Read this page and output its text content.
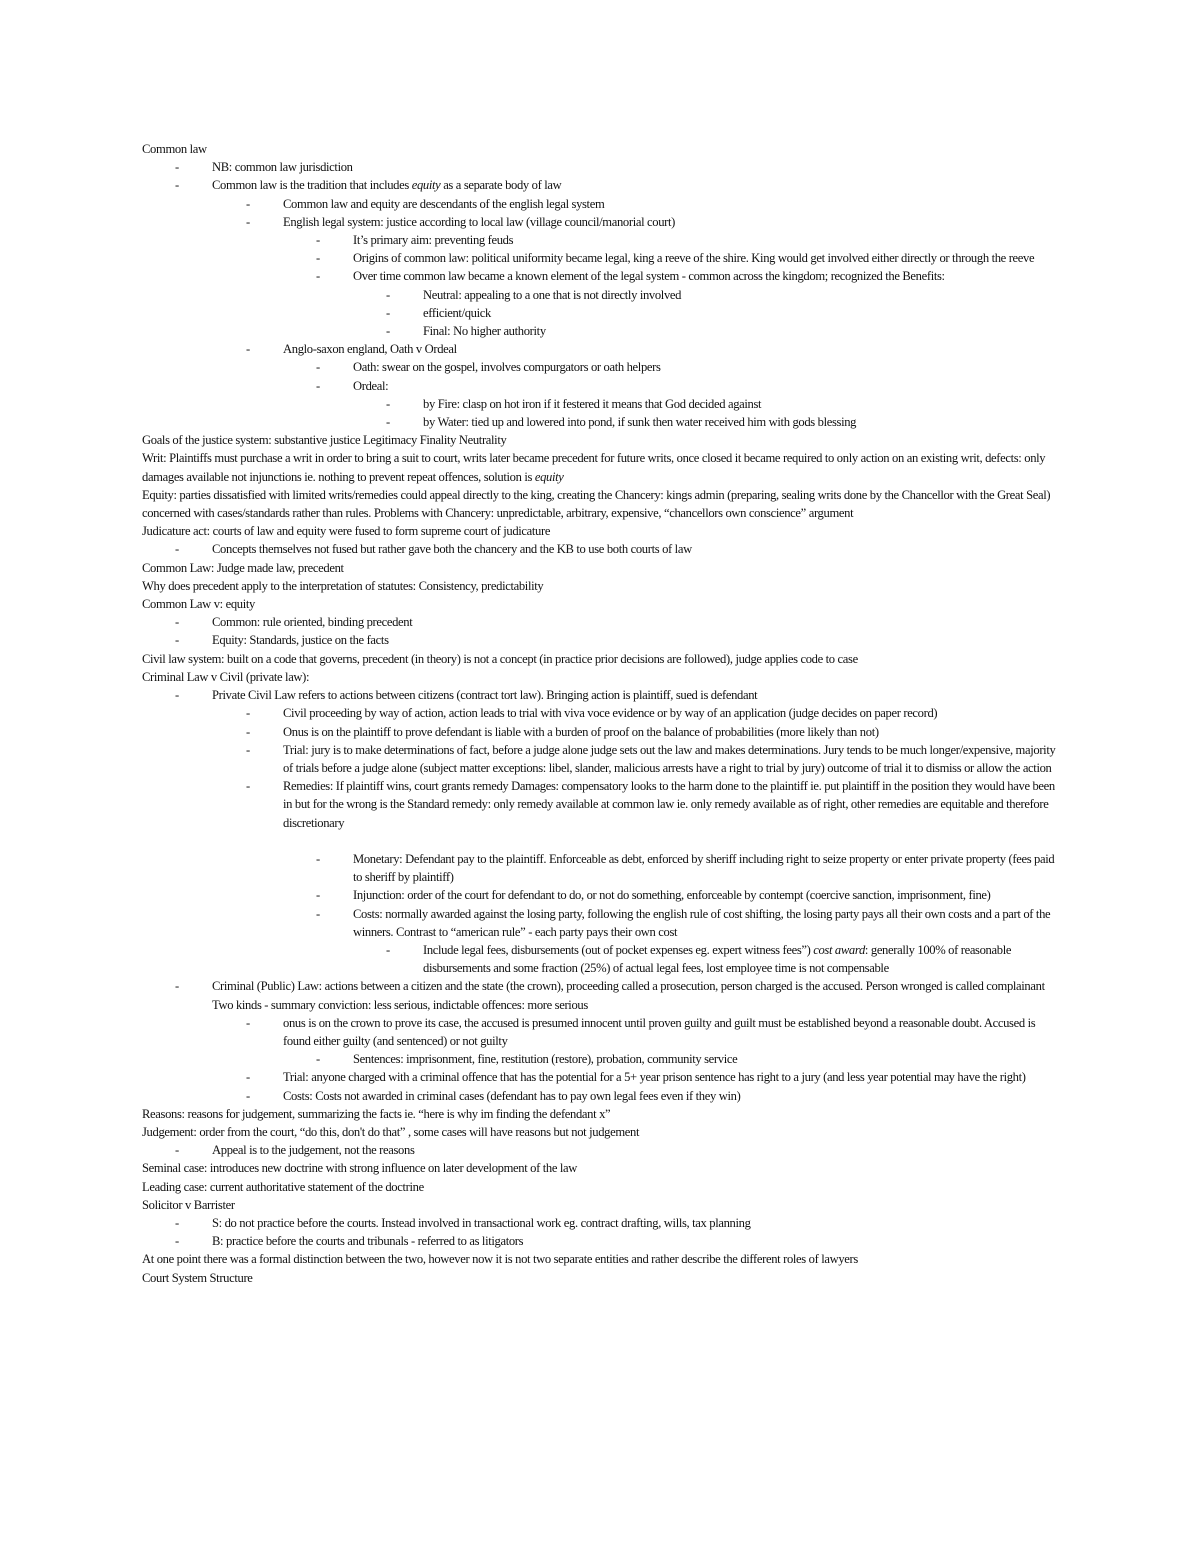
Common law
-	NB: common law jurisdiction
-	Common law is the tradition that includes equity as a separate body of law
-	Common law and equity are descendants of the english legal system
-	English legal system: justice according to local law (village council/manorial court)
-	It’s primary aim: preventing feuds
-	Origins of common law: political uniformity became legal, king a reeve of the shire. King would get involved either directly or through the reeve
-	Over time common law became a known element of the legal system - common across the kingdom; recognized the Benefits:
-	Neutral: appealing to a one that is not directly involved
-	efficient/quick
-	Final: No higher authority
-	Anglo-saxon england, Oath v Ordeal
-	Oath: swear on the gospel, involves compurgators or oath helpers
-	Ordeal:
-	by Fire: clasp on hot iron if it festered it means that God decided against
-	by Water: tied up and lowered into pond, if sunk then water received him with gods blessing
Goals of the justice system: substantive justice Legitimacy Finality Neutrality
Writ: Plaintiffs must purchase a writ in order to bring a suit to court, writs later became precedent for future writs, once closed it became required to only action on an existing writ, defects: only damages available not injunctions ie. nothing to prevent repeat offences, solution is equity
Equity: parties dissatisfied with limited writs/remedies could appeal directly to the king, creating the Chancery: kings admin (preparing, sealing writs done by the Chancellor with the Great Seal) concerned with cases/standards rather than rules. Problems with Chancery: unpredictable, arbitrary, expensive, “chancellors own conscience” argument
Judicature act: courts of law and equity were fused to form supreme court of judicature
-	Concepts themselves not fused but rather gave both the chancery and the KB to use both courts of law
Common Law: Judge made law, precedent
Why does precedent apply to the interpretation of statutes: Consistency, predictability
Common Law v: equity
-	Common: rule oriented, binding precedent
-	Equity: Standards, justice on the facts
Civil law system: built on a code that governs, precedent (in theory) is not a concept (in practice prior decisions are followed), judge applies code to case
Criminal Law v Civil (private law):
-	Private Civil Law refers to actions between citizens (contract tort law). Bringing action is plaintiff, sued is defendant
-	Civil proceeding by way of action, action leads to trial with viva voce evidence or by way of an application (judge decides on paper record)
-	Onus is on the plaintiff to prove defendant is liable with a burden of proof on the balance of probabilities (more likely than not)
-	Trial: jury is to make determinations of fact, before a judge alone judge sets out the law and makes determinations. Jury tends to be much longer/expensive, majority of trials before a judge alone (subject matter exceptions: libel, slander, malicious arrests have a right to trial by jury) outcome of trial it to dismiss or allow the action
-	Remedies: If plaintiff wins, court grants remedy Damages: compensatory looks to the harm done to the plaintiff ie. put plaintiff in the position they would have been in but for the wrong is the Standard remedy: only remedy available at common law ie. only remedy available as of right, other remedies are equitable and therefore discretionary
-	Monetary: Defendant pay to the plaintiff. Enforceable as debt, enforced by sheriff including right to seize property or enter private property (fees paid to sheriff by plaintiff)
-	Injunction: order of the court for defendant to do, or not do something, enforceable by contempt (coercive sanction, imprisonment, fine)
-	Costs: normally awarded against the losing party, following the english rule of cost shifting, the losing party pays all their own costs and a part of the winners. Contrast to “american rule” - each party pays their own cost
-	Include legal fees, disbursements (out of pocket expenses eg. expert witness fees”) cost award: generally 100% of reasonable disbursements and some fraction (25%) of actual legal fees, lost employee time is not compensable
-	Criminal (Public) Law: actions between a citizen and the state (the crown), proceeding called a prosecution, person charged is the accused. Person wronged is called complainant Two kinds - summary conviction: less serious, indictable offences: more serious
-	onus is on the crown to prove its case, the accused is presumed innocent until proven guilty and guilt must be established beyond a reasonable doubt. Accused is found either guilty (and sentenced) or not guilty
-	Sentences: imprisonment, fine, restitution (restore), probation, community service
-	Trial: anyone charged with a criminal offence that has the potential for a 5+ year prison sentence has right to a jury (and less year potential may have the right)
-	Costs: Costs not awarded in criminal cases (defendant has to pay own legal fees even if they win)
Reasons: reasons for judgement, summarizing the facts ie. “here is why im finding the defendant x”
Judgement: order from the court, “do this, don't do that” , some cases will have reasons but not judgement
-	Appeal is to the judgement, not the reasons
Seminal case: introduces new doctrine with strong influence on later development of the law
Leading case: current authoritative statement of the doctrine
Solicitor v Barrister
-	S: do not practice before the courts. Instead involved in transactional work eg. contract drafting, wills, tax planning
-	B: practice before the courts and tribunals - referred to as litigators
At one point there was a formal distinction between the two, however now it is not two separate entities and rather describe the different roles of lawyers
Court System Structure
